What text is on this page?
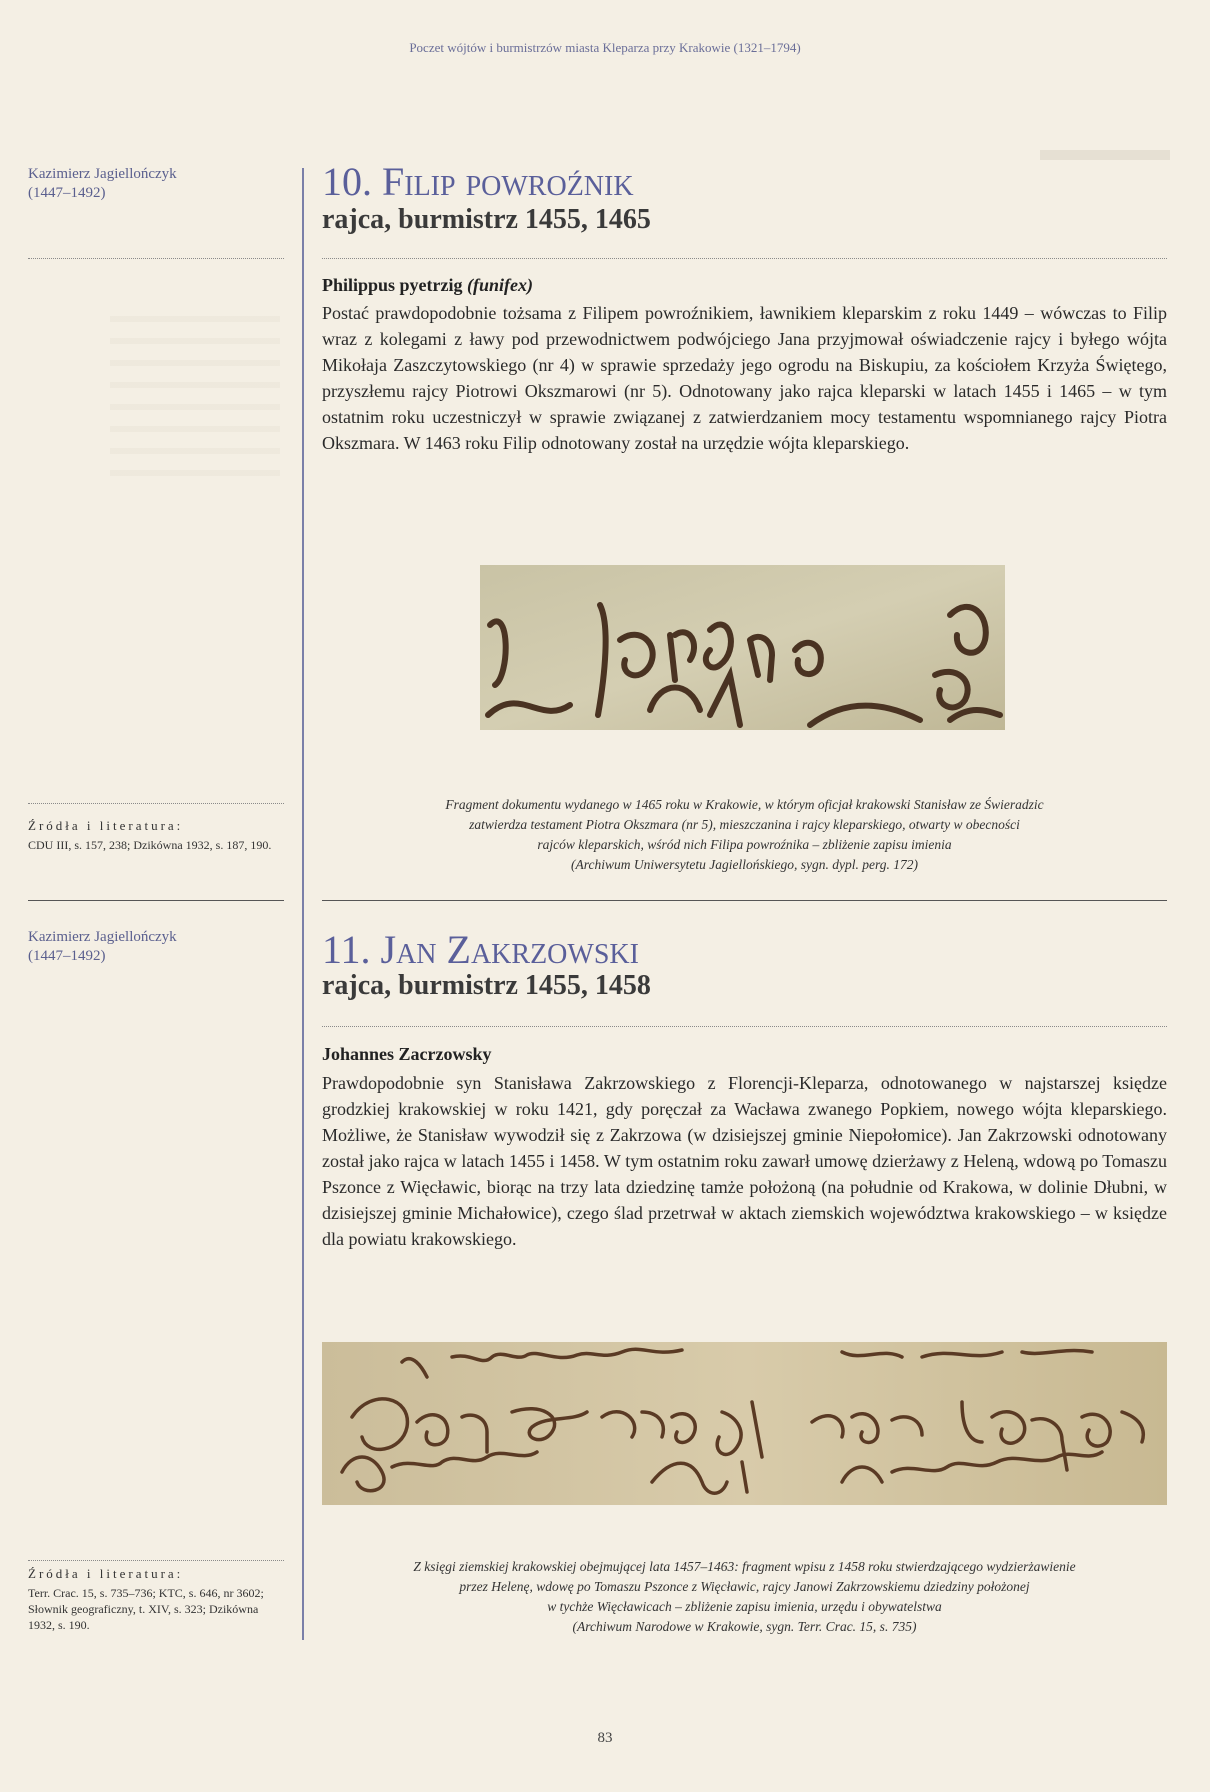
Poczet wójtów i burmistrzów miasta Kleparza przy Krakowie (1321–1794)
Kazimierz Jagiellończyk
(1447–1492)	10. Filip powroźnik
rajca, burmistrz 1455, 1465
Philippus pyetrzig (funifex)
Postać prawdopodobnie tożsama z Filipem powroźnikiem, ławnikiem kleparskim z roku 1449 – wówczas to Filip wraz z kolegami z ławy pod przewodnictwem podwójciego Jana przyjmował oświadczenie rajcy i byłego wójta Mikołaja Zaszczytowskiego (nr 4) w sprawie sprzedaży jego ogrodu na Biskupiu, za kościołem Krzyża Świętego, przyszłemu rajcy Piotrowi Okszmarowi (nr 5). Odnotowany jako rajca kleparski w latach 1455 i 1465 – w tym ostatnim roku uczestniczył w sprawie związanej z zatwierdzaniem mocy testamentu wspomnianego rajcy Piotra Okszmara. W 1463 roku Filip odnotowany został na urzędzie wójta kleparskiego.
Fragment dokumentu wydanego w 1465 roku w Krakowie, w którym oficjał krakowski Stanisław ze Świeradzic
zatwierdza testament Piotra Okszmara (nr 5), mieszczanina i rajcy kleparskiego, otwarty w obecności
rajców kleparskich, wśród nich Filipa powroźnika – zbliżenie zapisu imienia
(Archiwum Uniwersytetu Jagiellońskiego, sygn. dypl. perg. 172)
Źródła i literatura:
CDU III, s. 157, 238; Dzikówna 1932, s. 187, 190.
Kazimierz Jagiellończyk
(1447–1492)	11. Jan Zakrzowski
rajca, burmistrz 1455, 1458
Johannes Zacrzowsky
Prawdopodobnie syn Stanisława Zakrzowskiego z Florencji-Kleparza, odnotowanego w najstarszej księdze grodzkiej krakowskiej w roku 1421, gdy poręczał za Wacława zwanego Popkiem, nowego wójta kleparskiego. Możliwe, że Stanisław wywodził się z Zakrzowa (w dzisiejszej gminie Niepołomice). Jan Zakrzowski odnotowany został jako rajca w latach 1455 i 1458. W tym ostatnim roku zawarł umowę dzierżawy z Heleną, wdową po Tomaszu Pszonce z Więcławic, biorąc na trzy lata dziedzinę tamże położoną (na południe od Krakowa, w dolinie Dłubni, w dzisiejszej gminie Michałowice), czego ślad przetrwał w aktach ziemskich województwa krakowskiego – w księdze dla powiatu krakowskiego.
Z księgi ziemskiej krakowskiej obejmującej lata 1457–1463: fragment wpisu z 1458 roku stwierdzającego wydzierżawienie
przez Helenę, wdowę po Tomaszu Pszonce z Więcławic, rajcy Janowi Zakrzowskiemu dziedziny położonej
w tychże Więcławicach – zbliżenie zapisu imienia, urzędu i obywatelstwa
(Archiwum Narodowe w Krakowie, sygn. Terr. Crac. 15, s. 735)
Źródła i literatura:
Terr. Crac. 15, s. 735–736; KTC, s. 646, nr 3602; Słownik geograficzny, t. XIV, s. 323; Dzikówna 1932, s. 190.
83
